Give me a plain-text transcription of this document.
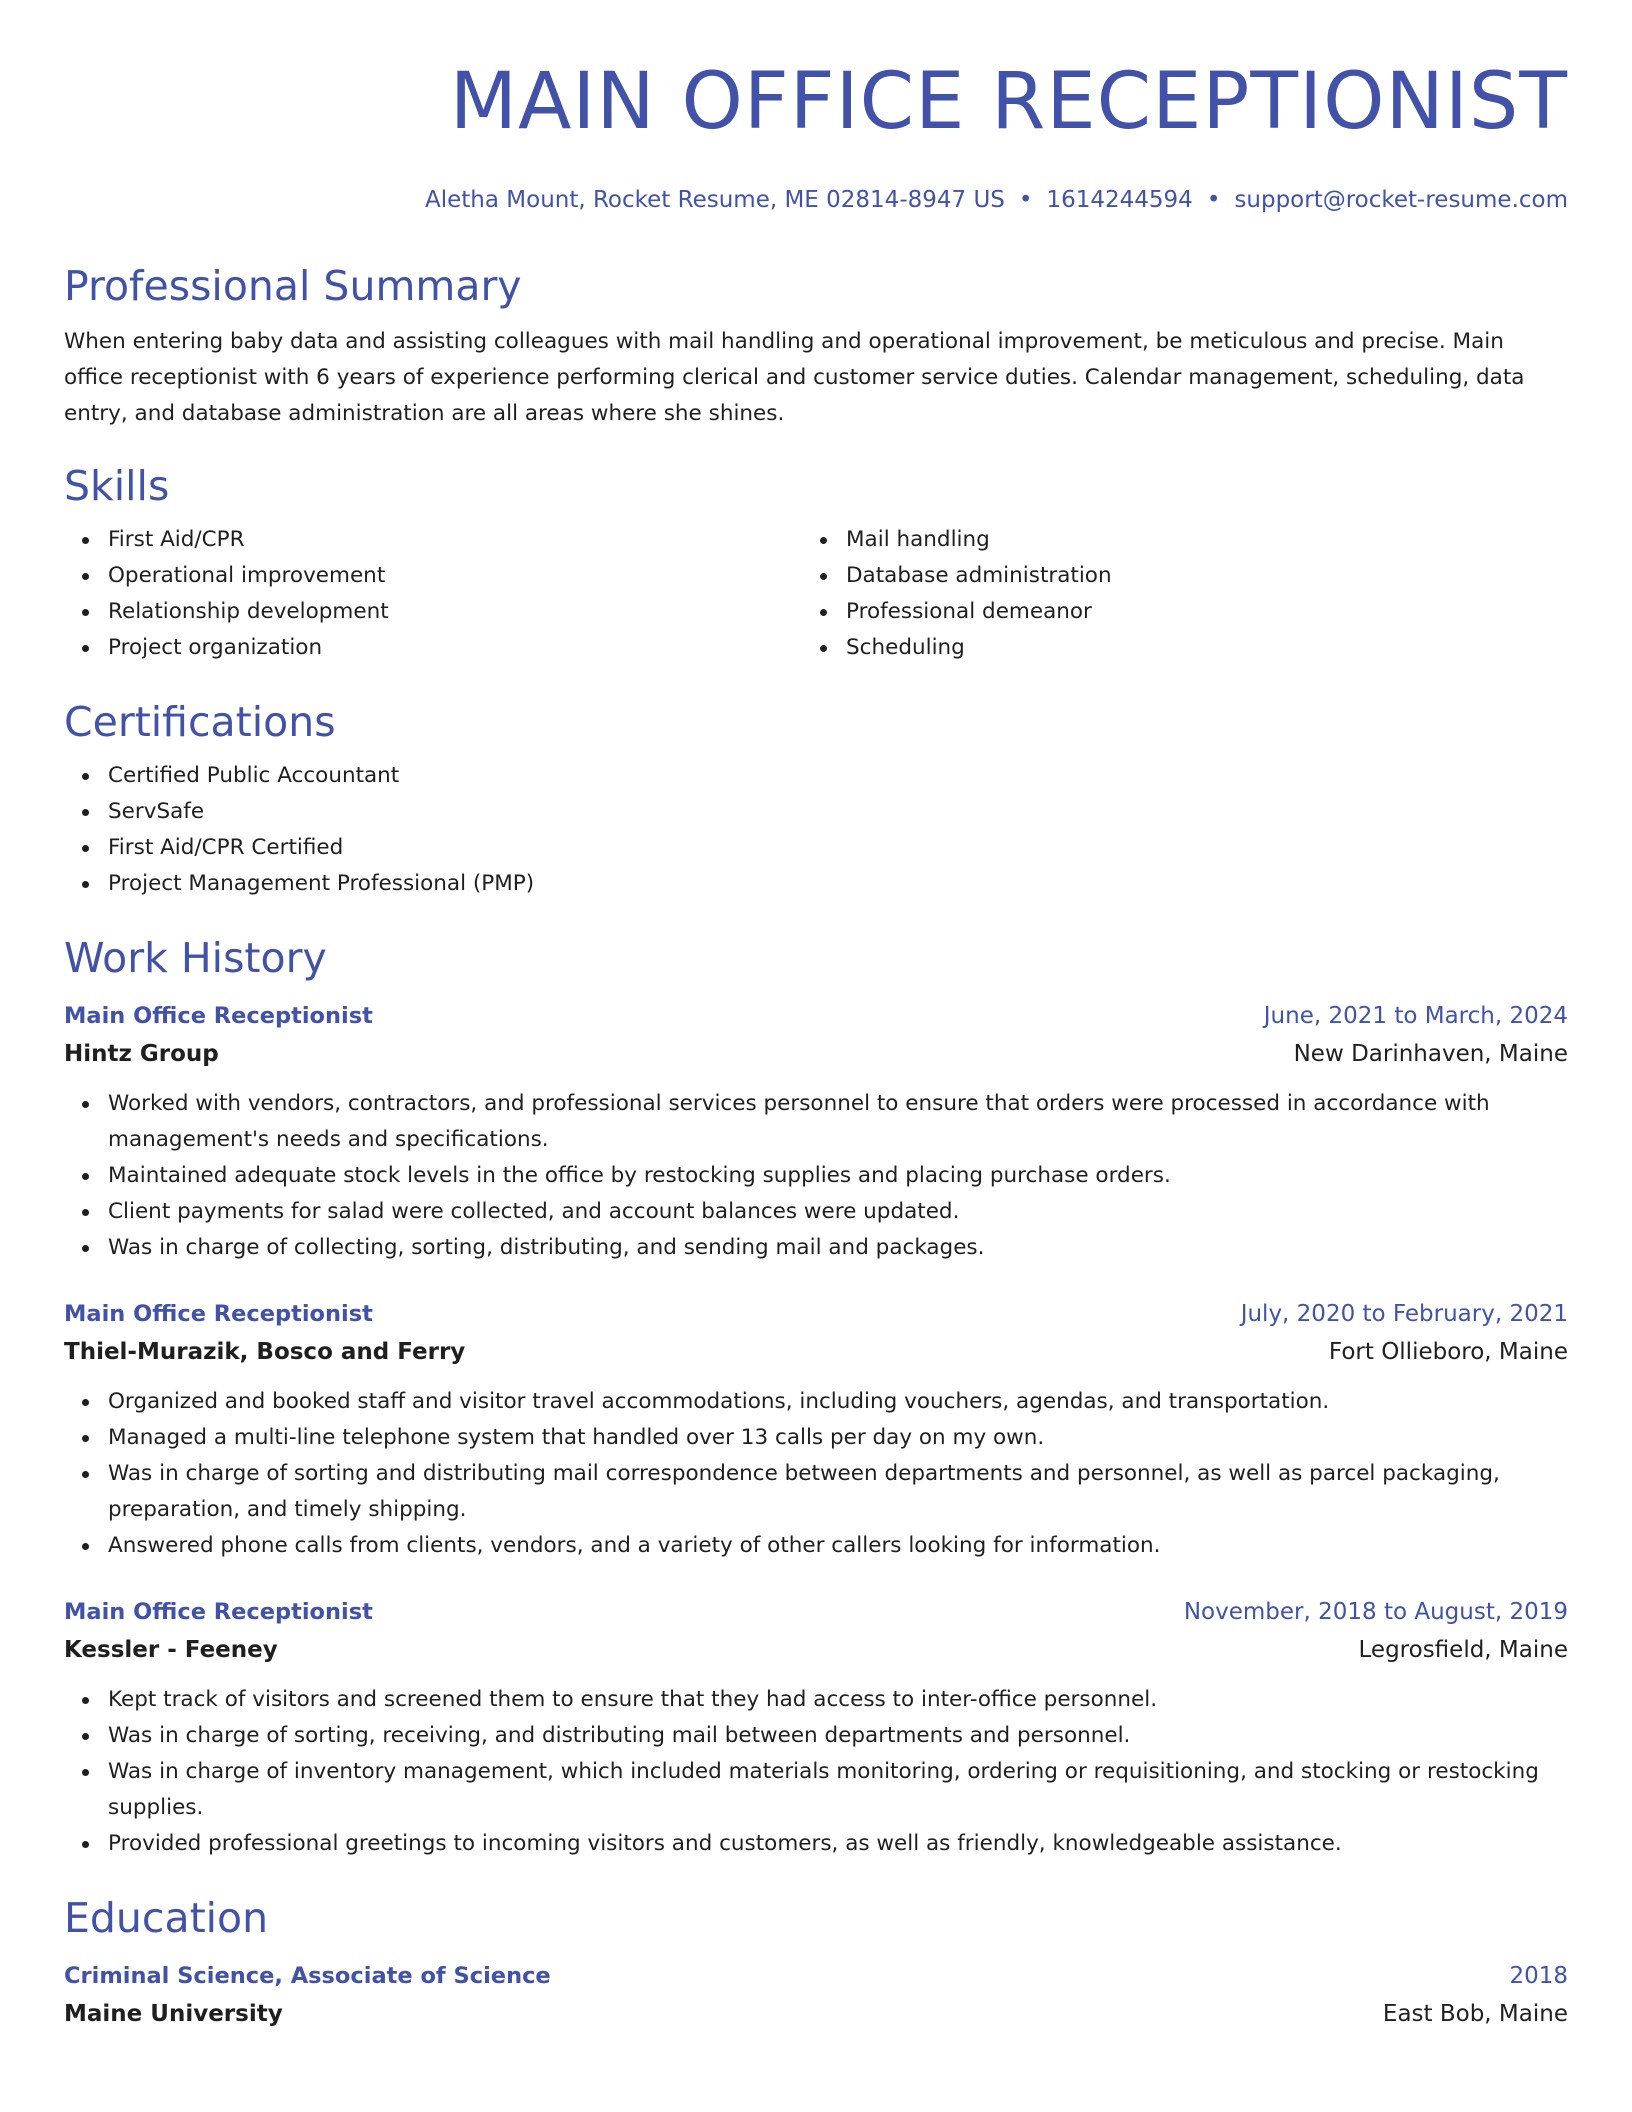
MAIN OFFICE RECEPTIONIST
Aletha Mount, Rocket Resume, ME 02814-8947 US • 1614244594 • support@rocket-resume.com
Professional Summary

When entering baby data and assisting colleagues with mail handling and operational improvement, be meticulous and precise. Main office receptionist with 6 years of experience performing clerical and customer service duties. Calendar management, scheduling, data entry, and database administration are all areas where she shines.

Skills
First Aid/CPR
Operational improvement
Relationship development
Project organization
Mail handling
Database administration
Professional demeanor
Scheduling
Certifications
Certified Public Accountant
ServSafe
First Aid/CPR Certified
Project Management Professional (PMP)
Work History
Main Office Receptionist	June, 2021 to March, 2024
Hintz Group	New Darinhaven, Maine
Worked with vendors, contractors, and professional services personnel to ensure that orders were processed in accordance with management's needs and specifications.
Maintained adequate stock levels in the office by restocking supplies and placing purchase orders.
Client payments for salad were collected, and account balances were updated.
Was in charge of collecting, sorting, distributing, and sending mail and packages.
Main Office Receptionist	July, 2020 to February, 2021
Thiel-Murazik, Bosco and Ferry	Fort Ollieboro, Maine
Organized and booked staff and visitor travel accommodations, including vouchers, agendas, and transportation.
Managed a multi-line telephone system that handled over 13 calls per day on my own.
Was in charge of sorting and distributing mail correspondence between departments and personnel, as well as parcel packaging, preparation, and timely shipping.
Answered phone calls from clients, vendors, and a variety of other callers looking for information.
Main Office Receptionist	November, 2018 to August, 2019
Kessler - Feeney	Legrosfield, Maine
Kept track of visitors and screened them to ensure that they had access to inter-office personnel.
Was in charge of sorting, receiving, and distributing mail between departments and personnel.
Was in charge of inventory management, which included materials monitoring, ordering or requisitioning, and stocking or restocking supplies.
Provided professional greetings to incoming visitors and customers, as well as friendly, knowledgeable assistance.
Education
Criminal Science, Associate of Science	2018
Maine University	East Bob, Maine
